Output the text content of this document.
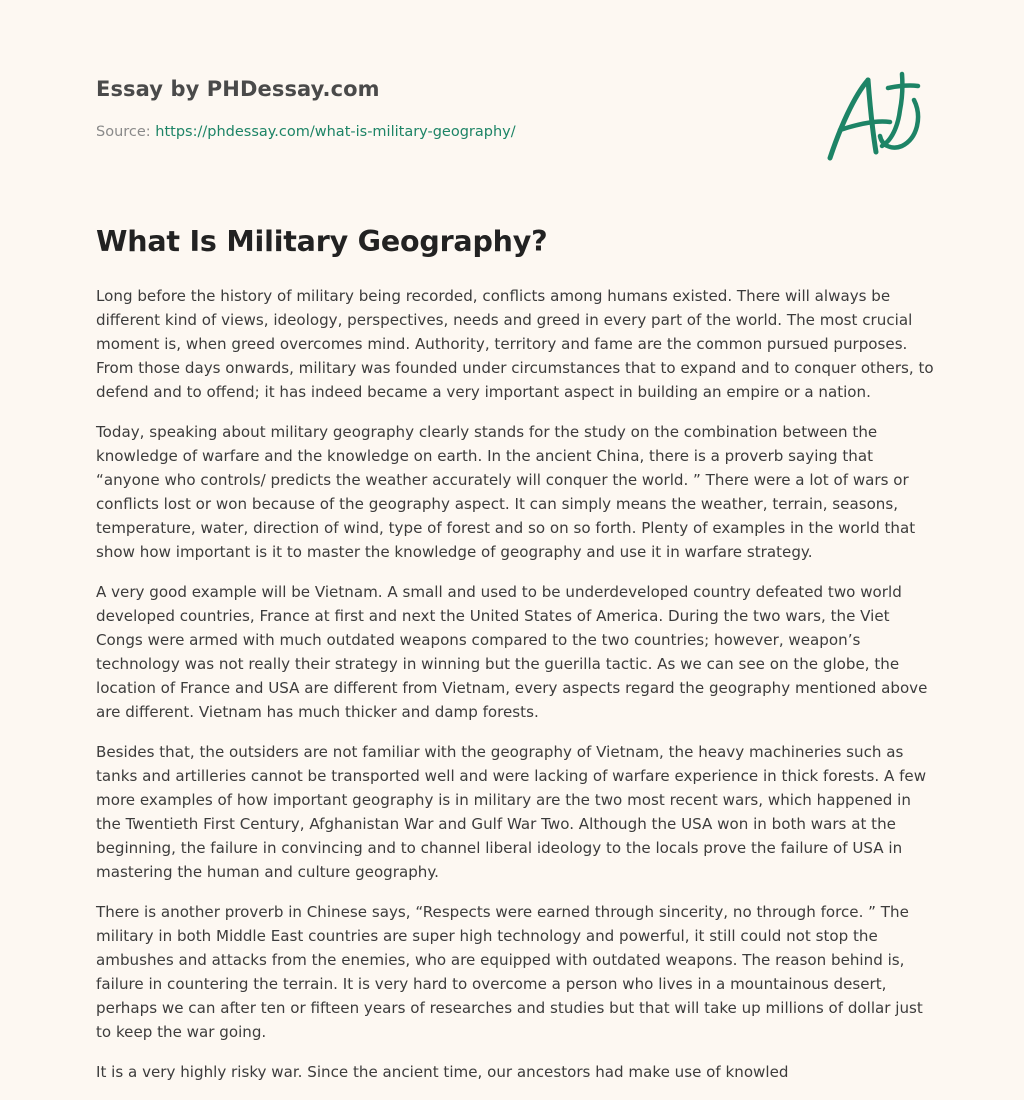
Essay by PHDessay.com
Source: https://phdessay.com/what-is-military-geography/
What Is Military Geography?

Long before the history of military being recorded, conflicts among humans existed. There will always be different kind of views, ideology, perspectives, needs and greed in every part of the world. The most crucial moment is, when greed overcomes mind. Authority, territory and fame are the common pursued purposes. From those days onwards, military was founded under circumstances that to expand and to conquer others, to defend and to offend; it has indeed became a very important aspect in building an empire or a nation.

Today, speaking about military geography clearly stands for the study on the combination between the knowledge of warfare and the knowledge on earth. In the ancient China, there is a proverb saying that “anyone who controls/ predicts the weather accurately will conquer the world. ” There were a lot of wars or conflicts lost or won because of the geography aspect. It can simply means the weather, terrain, seasons, temperature, water, direction of wind, type of forest and so on so forth. Plenty of examples in the world that show how important is it to master the knowledge of geography and use it in warfare strategy.

A very good example will be Vietnam. A small and used to be underdeveloped country defeated two world developed countries, France at first and next the United States of America. During the two wars, the Viet Congs were armed with much outdated weapons compared to the two countries; however, weapon’s technology was not really their strategy in winning but the guerilla tactic. As we can see on the globe, the location of France and USA are different from Vietnam, every aspects regard the geography mentioned above are different. Vietnam has much thicker and damp forests.

Besides that, the outsiders are not familiar with the geography of Vietnam, the heavy machineries such as tanks and artilleries cannot be transported well and were lacking of warfare experience in thick forests. A few more examples of how important geography is in military are the two most recent wars, which happened in the Twentieth First Century, Afghanistan War and Gulf War Two. Although the USA won in both wars at the beginning, the failure in convincing and to channel liberal ideology to the locals prove the failure of USA in mastering the human and culture geography.

There is another proverb in Chinese says, “Respects were earned through sincerity, no through force. ” The military in both Middle East countries are super high technology and powerful, it still could not stop the ambushes and attacks from the enemies, who are equipped with outdated weapons. The reason behind is, failure in countering the terrain. It is very hard to overcome a person who lives in a mountainous desert, perhaps we can after ten or fifteen years of researches and studies but that will take up millions of dollar just to keep the war going.

It is a very highly risky war. Since the ancient time, our ancestors had make use of knowled
